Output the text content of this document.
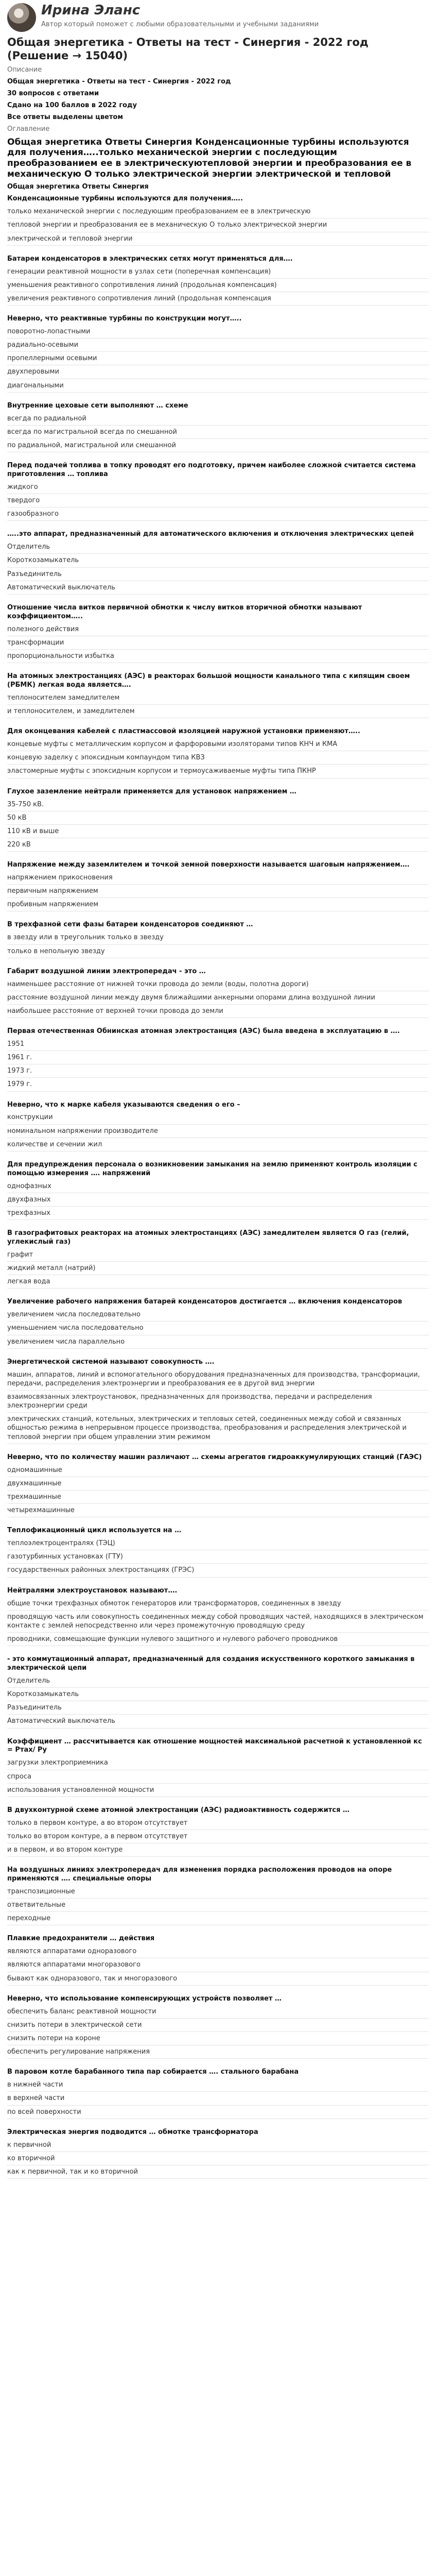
Ирина Эланс
Автор который поможет с любыми образовательными и учебными заданиями
Общая энергетика - Ответы на тест - Синергия - 2022 год (Решение → 15040)
Описание
Общая энергетика - Ответы на тест - Синергия - 2022 год
30 вопросов с ответами
Сдано на 100 баллов в 2022 году
Все ответы выделены цветом
Оглавление
Общая энергетика Ответы Синергия Конденсационные турбины используются для получения…..только механической энергии с последующим преобразованием ее в электрическуютепловой энергии и преобразования ее в механическую О только электрической энергии электрической и тепловой
Общая энергетика Ответы Синергия
Конденсационные турбины используются для получения…..
только механической энергии с последующим преобразованием ее в электрическую
тепловой энергии и преобразования ее в механическую О только электрической энергии
электрической и тепловой энергии
Батареи конденсаторов в электрических сетях могут применяться для….
генерации реактивной мощности в узлах сети (поперечная компенсация)
уменьшения реактивного сопротивления линий (продольная компенсация)
увеличения реактивного сопротивления линий (продольная компенсация
Неверно, что реактивные турбины по конструкции могут…..
поворотно-лопастными
радиально-осевыми
пропеллерными осевыми
двухперовыми
диагональными
Внутренние цеховые сети выполняют … схеме
всегда по радиальной
всегда по магистральной всегда по смешанной
по радиальной, магистральной или смешанной
Перед подачей топлива в топку проводят его подготовку, причем наиболее сложной считается система приготовления … топлива
жидкого
твердого
газообразного
…..это аппарат, предназначенный для автоматического включения и отключения электрических цепей
Отделитель
Короткозамыкатель
Разъединитель
Автоматический выключатель
Отношение числа витков первичной обмотки к числу витков вторичной обмотки называют коэффициентом…..
полезного действия
трансформации
пропорциональности избытка
На атомных электростанциях (АЭС) в реакторах большой мощности канального типа с кипящим своем (РБМК) легкая вода является….
теплоносителем замедлителем
и теплоносителем, и замедлителем
Для оконцевания кабелей с пластмассовой изоляцией наружной установки применяют…..
концевые муфты с металлическим корпусом и фарфоровыми изоляторами типов КНЧ и КМА
концевую заделку с эпоксидным компаундом типа КВЗ
эластомерные муфты с эпоксидным корпусом и термоусаживаемые муфты типа ПКНР
Глухое заземление нейтрали применяется для установок напряжением …
35-750 кВ.
50 кВ
110 кВ и выше
220 кВ
Напряжение между заземлителем и точкой земной поверхности называется шаговым напряжением….
напряжением прикосновения
первичным напряжением
пробивным напряжением
В трехфазной сети фазы батареи конденсаторов соединяют …
в звезду или в треугольник только в звезду
только в непольную звезду
Габарит воздушной линии электропередач - это …
наименьшее расстояние от нижней точки провода до земли (воды, полотна дороги)
расстояние воздушной линии между двумя ближайшими анкерными опорами длина воздушной линии
наибольшее расстояние от верхней точки провода до земли
Первая отечественная Обнинская атомная электростанция (АЭС) была введена в эксплуатацию в ….
1951
1961 г.
1973 г.
1979 г.
Неверно, что к марке кабеля указываются сведения о его –
конструкции
номинальном напряжении производителе
количестве и сечении жил
Для предупреждения персонала о возникновении замыкания на землю применяют контроль изоляции с помощью измерения …. напряжений
однофазных
двухфазных
трехфазных
В газографитовых реакторах на атомных электростанциях (АЭС) замедлителем является О газ (гелий, углекислый газ)
графит
жидкий металл (натрий)
легкая вода
Увеличение рабочего напряжения батарей конденсаторов достигается … включения конденсаторов
увеличением числа последовательно
уменьшением числа последовательно
увеличением числа параллельно
Энергетической системой называют совокупность ….
машин, аппаратов, линий и вспомогательного оборудования предназначенных для производства, трансформации, передачи, распределения электроэнергии и преобразования ее в другой вид энергии
взаимосвязанных электроустановок, предназначенных для производства, передачи и распределения электроэнергии среди
электрических станций, котельных, электрических и тепловых сетей, соединенных между собой и связанных общностью режима в непрерывном процессе производства, преобразования и распределения электрической и тепловой энергии при общем управлении этим режимом
Неверно, что по количеству машин различают … схемы агрегатов гидроаккумулирующих станций (ГАЭС)
одномашинные
двухмашинные
трехмашинные
четырехмашинные
Теплофикационный цикл используется на …
теплоэлектроцентралях (ТЭЦ)
газотурбинных установках (ГТУ)
государственных районных электростанциях (ГРЭС)
Нейтралями электроустановок называют….
общие точки трехфазных обмоток генераторов или трансформаторов, соединенных в звезду
проводящую часть или совокупность соединенных между собой проводящих частей, находящихся в электрическом контакте с землей непосредственно или через промежуточную проводящую среду
проводники, совмещающие функции нулевого защитного и нулевого рабочего проводников
- это коммутационный аппарат, предназначенный для создания искусственного короткого замыкания в электрической цепи
Отделитель
Короткозамыкатель
Разъединитель
Автоматический выключатель
Коэффициент … рассчитывается как отношение мощностей максимальной расчетной к установленной кс = Ртах/ Ру
загрузки электроприемника
спроса
использования установленной мощности
В двухконтурной схеме атомной электростанции (АЭС) радиоактивность содержится …
только в первом контуре, а во втором отсутствует
только во втором контуре, а в первом отсутствует
и в первом, и во втором контуре
На воздушных линиях электропередач для изменения порядка расположения проводов на опоре применяются …. специальные опоры
транспозиционные
ответвительные
переходные
Плавкие предохранители … действия
являются аппаратами одноразового
являются аппаратами многоразового
бывают как одноразового, так и многоразового
Неверно, что использование компенсирующих устройств позволяет …
обеспечить баланс реактивной мощности
снизить потери в электрической сети
снизить потери на короне
обеспечить регулирование напряжения
В паровом котле барабанного типа пар собирается …. стального барабана
в нижней части
в верхней части
по всей поверхности
Электрическая энергия подводится … обмотке трансформатора
к первичной
ко вторичной
как к первичной, так и ко вторичной
